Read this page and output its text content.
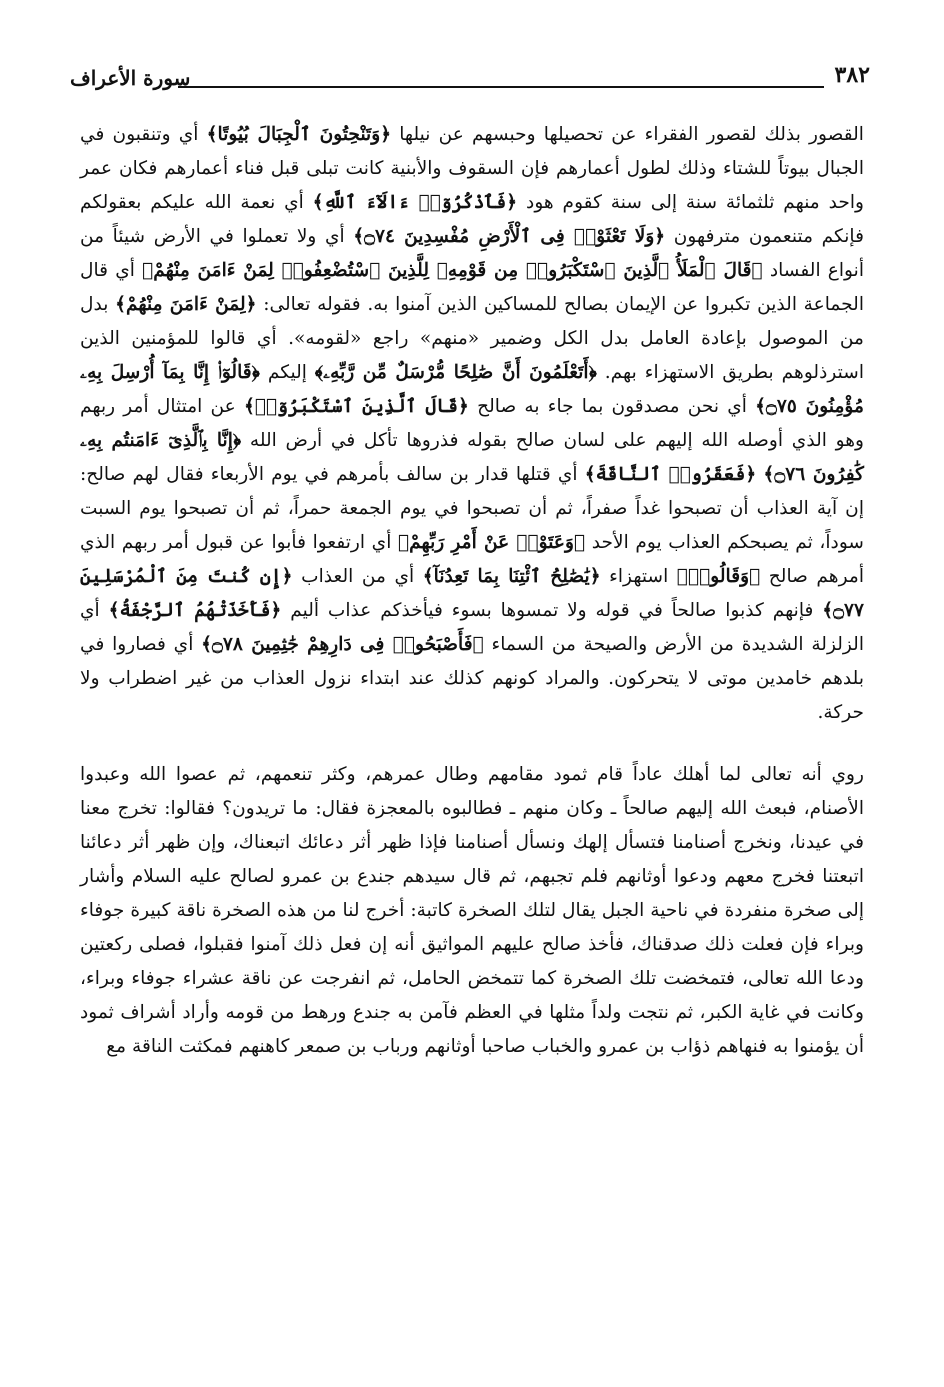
٣٨٢
سورة الأعراف

القصور بذلك لقصور الفقراء عن تحصيلها وحبسهم عن نيلها ﴿وَتَنْحِتُونَ ٱلْجِبَالَ بُيُوتًا﴾ أي وتنقبون في الجبال بيوتاً للشتاء وذلك لطول أعمارهم فإن السقوف والأبنية كانت تبلى قبل فناء أعمارهم فكان عمر واحد منهم ثلثمائة سنة إلى سنة كقوم هود ﴿فَٱذْكُرُوٓا۟ ءَالَآءَ ٱللَّهِ﴾ أي نعمة الله عليكم بعقولكم فإنكم متنعمون مترفهون ﴿وَلَا تَعْثَوْا۟ فِى ٱلْأَرْضِ مُفْسِدِينَ ۝٧٤﴾ أي ولا تعملوا في الأرض شيئاً من أنواع الفساد ﴿قَالَ ٱلْمَلَأُ ٱلَّذِينَ ٱسْتَكْبَرُوا۟ مِن قَوْمِهِۦ لِلَّذِينَ ٱسْتُضْعِفُوا۟ لِمَنْ ءَامَنَ مِنْهُمْ﴾ أي قال الجماعة الذين تكبروا عن الإيمان بصالح للمساكين الذين آمنوا به. فقوله تعالى: ﴿لِمَنْ ءَامَنَ مِنْهُمْ﴾ بدل من الموصول بإعادة العامل بدل الكل وضمير «منهم» راجع «لقومه». أي قالوا للمؤمنين الذين استرذلوهم بطريق الاستهزاء بهم. ﴿أَتَعْلَمُونَ أَنَّ صَٰلِحًا مُّرْسَلٌ مِّن رَّبِّهِۦ﴾ إليكم ﴿قَالُوٓا۟ إِنَّا بِمَآ أُرْسِلَ بِهِۦ مُؤْمِنُونَ ۝٧٥﴾ أي نحن مصدقون بما جاء به صالح ﴿قَالَ ٱلَّذِينَ ٱسْتَكْبَرُوٓا۟﴾ عن امتثال أمر ربهم وهو الذي أوصله الله إليهم على لسان صالح بقوله فذروها تأكل في أرض الله ﴿إِنَّا بِٱلَّذِىٓ ءَامَنتُم بِهِۦ كَٰفِرُونَ ۝٧٦﴾ ﴿فَعَقَرُوا۟ ٱلنَّاقَةَ﴾ أي قتلها قدار بن سالف بأمرهم في يوم الأربعاء فقال لهم صالح: إن آية العذاب أن تصبحوا غداً صفراً، ثم أن تصبحوا في يوم الجمعة حمراً، ثم أن تصبحوا يوم السبت سوداً، ثم يصبحكم العذاب يوم الأحد ﴿وَعَتَوْا۟ عَنْ أَمْرِ رَبِّهِمْ﴾ أي ارتفعوا فأبوا عن قبول أمر ربهم الذي أمرهم صالح ﴿وَقَالُوا۟﴾ استهزاء ﴿يَٰصَٰلِحُ ٱئْتِنَا بِمَا تَعِدُنَآ﴾ أي من العذاب ﴿إِن كُنتَ مِنَ ٱلْمُرْسَلِينَ ۝٧٧﴾ فإنهم كذبوا صالحاً في قوله ولا تمسوها بسوء فيأخذكم عذاب أليم ﴿فَأَخَذَتْهُمُ ٱلرَّجْفَةُ﴾ أي الزلزلة الشديدة من الأرض والصيحة من السماء ﴿فَأَصْبَحُوا۟ فِى دَارِهِمْ جَٰثِمِينَ ۝٧٨﴾ أي فصاروا في بلدهم خامدين موتى لا يتحركون. والمراد كونهم كذلك عند ابتداء نزول العذاب من غير اضطراب ولا حركة.

روي أنه تعالى لما أهلك عاداً قام ثمود مقامهم وطال عمرهم، وكثر تنعمهم، ثم عصوا الله وعبدوا الأصنام، فبعث الله إليهم صالحاً ـ وكان منهم ـ فطالبوه بالمعجزة فقال: ما تريدون؟ فقالوا: تخرج معنا في عيدنا، ونخرج أصنامنا فتسأل إلهك ونسأل أصنامنا فإذا ظهر أثر دعائك اتبعناك، وإن ظهر أثر دعائنا اتبعتنا فخرج معهم ودعوا أوثانهم فلم تجبهم، ثم قال سيدهم جندع بن عمرو لصالح عليه السلام وأشار إلى صخرة منفردة في ناحية الجبل يقال لتلك الصخرة كاتبة: أخرج لنا من هذه الصخرة ناقة كبيرة جوفاء وبراء فإن فعلت ذلك صدقناك، فأخذ صالح عليهم المواثيق أنه إن فعل ذلك آمنوا فقبلوا، فصلى ركعتين ودعا الله تعالى، فتمخضت تلك الصخرة كما تتمخض الحامل، ثم انفرجت عن ناقة عشراء جوفاء وبراء، وكانت في غاية الكبر، ثم نتجت ولداً مثلها في العظم فآمن به جندع ورهط من قومه وأراد أشراف ثمود أن يؤمنوا به فنهاهم ذؤاب بن عمرو والخباب صاحبا أوثانهم ورباب بن صمعر كاهنهم فمكثت الناقة مع
